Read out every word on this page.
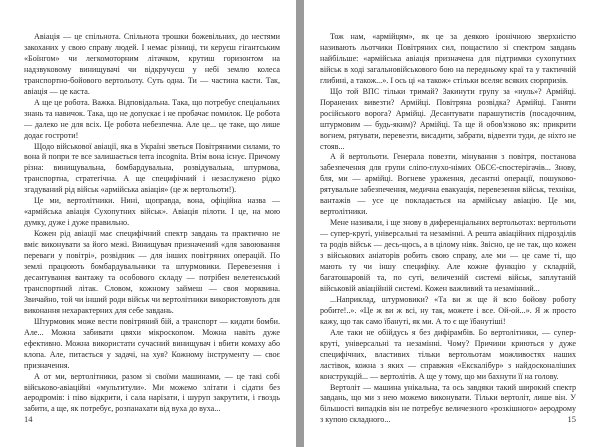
Авіація — це спільнота. Спільнота трошки божевільних, до нестями закоханих у свою справу людей. І немає різниці, ти керуєш гігантським «Боїнгом» чи легкомоторним літачком, крутиш горизонтом на надзвуковому винищувачі чи відкручуєш у небі землю колеса транспортно-бойового вертольоту. Суть одна. Ти — частина касти. Так, авіація — це каста.

А ще це робота. Важка. Відповідальна. Така, що потребує спеціальних знань та навичок. Така, що не допускає і не пробачає помилок. Це робота — далеко не для всіх. Це робота небезпечна. Але це... це таке, що лише додає гостроти!

Щодо військової авіації, яка в Україні зветься Повітряними силами, то вона й попри те все залишається terra incognita. Втім вона існує. Причому різна: винищувальна, бомбардувальна, розвідувальна, штурмова, транспортна, стратегічна. А ще специфічний і незаслужено рідко згадуваний рід військ «армійська авіація» (це ж вертольоти!).

Це ми, вертолітники. Нині, щоправда, вона, офіційна назва — «армійська авіація Сухопутних військ». Авіація пілоти. І це, на мою думку, дуже і дуже правильно.

Кожен рід авіації має специфічний спектр завдань та практично не вміє виконувати за його межі. Винищувач призначений «для завоювання переваги у повітрі», розвідник — для інших повітряних операцій. По землі працюють бомбардувальники та штурмовики. Перевезення і десантування вантажу та особового складу — потрібен велетенський транспортний літак. Словом, кожному займеш — своя морквина. Звичайно, той чи інший роди військ чи вертолітники використовують для виконання нехарактерних для себе завдань.

Штурмовик може вести повітряний бій, а транспорт — кидати бомби. Але... Можна забивати цвяхи мікроскопом. Можна навіть дуже ефективно. Можна використати сучасний винищувач і вбити комаху або клопа. Але, питається у задачі, на хуя? Кожному інструменту — своє призначення.

А от ми, вертолітники, разом зі своїми машинами, — це такі собі військово-авіаційні «мультитули». Ми можемо злітати і сідати без аеродромів: і піво відкрити, і сала нарізати, і шуруп закрутити, і гвоздь забити, а ще, як потребує, розпанахати від вуха до вуха...

14

Тож нам, «армійцям», як це за деякою іронічною зверхністю називають льотчики Повітряних сил, пощастило зі спектром завдань найбільше: «армійська авіація призначена для підтримки сухопутних військ в ході загальновійськового бою на передньому краї та у тактичній глибині, а також...». І ось ці «а також» стільки вселяє всяких сюрпризів.

Що той ВПС тільки тримай? Закинути групу за «нуль»? Армійці. Поранених вивезти? Армійці. Повітряна розвідка? Армійці. Ганяти російського ворога? Армійці. Десантувати парашутистів (посадочним, штурмовим — будь-яким)? Армійці. Та ще й обов'язково як: прикрити вогнем, рятувати, перевезти, висадити, забрати, відвезти туди, де ніхто не стояв...

А й вертольоти. Генерала повезти, мінування з повітря, постанова забезпечення для групи сліпо-глухо-німих ОБСЄ-спостерігачів... Знову, бля, ми — армійці. Вогневе ураження, десантні операції, пошуково-рятувальне забезпечення, медична евакуація, перевезення військ, техніки, вантажів — усе це покладається на армійську авіацію. Це ми, вертолітники.

Мене називали, і ще знову в диференціальних вертольотах: вертольоти — супер-круті, універсальні та незамінні. А решта авіаційних підрозділів та родів військ — десь-щось, а в цілому ніяк. Звісно, це не так, що кожен з військових аніаторів робить свою справу, але ми — це саме ті, що мають ту чи іншу специфіку. Але кожне функцію у складній, багатошаровій та, по суті, величезній системі військ, заплутаній військовій авіаційній системі. Кожен важливий та незамінний...

...Наприклад, штурмовики? «Та ви ж ще й всю бойову роботу робите!..». «Це ж ви ж всі, ну так, можете і все. Ой-ой...». Я ж просто кажу, що так само їбануті, як ми. А то є ще їбанутіші!

Але таки не обійдусь я без дифірамбів. Бо вертолітники, — супер-круті, універсальні та незамінні. Чому? Причини криються у дуже специфічних, властивих тільки вертольотам можливостях наших ластівок, кожна з яких — справжня «Екскалібур» з найдосконаліших конструкцій... — вертолітів. А ще у тому, що ми бахнути її на голову.

Вертоліт — машина унікальна, та ось завдяки такий широкий спектр завдань, що ми з нею можемо виконувати. Тільки вертоліт, лише він. У більшості випадків він не потребує величезного «розкішного» аеродрому з купою складного...	15
